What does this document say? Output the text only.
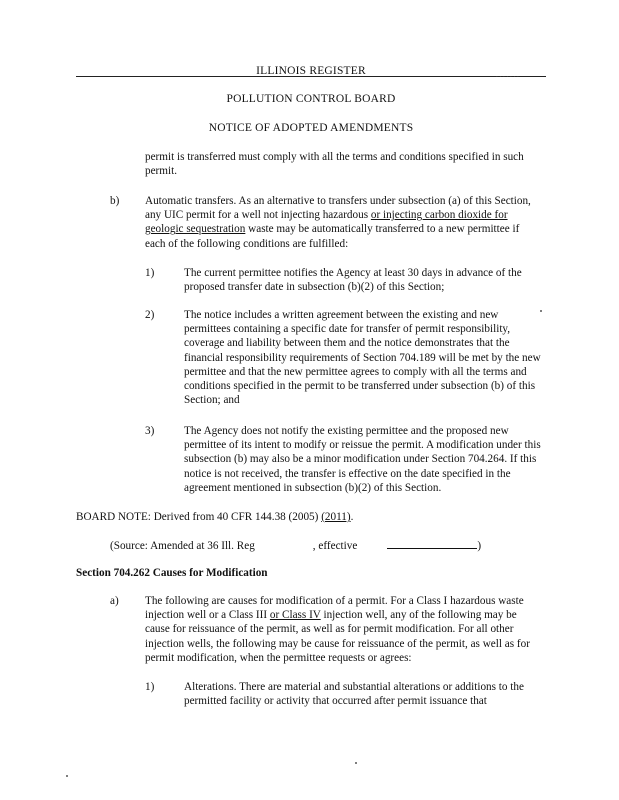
ILLINOIS REGISTER	. . . . . . .
POLLUTION CONTROL BOARD
NOTICE OF ADOPTED AMENDMENTS

permit is transferred must comply with all the terms and conditions specified in such permit.

b) Automatic transfers. As an alternative to transfers under subsection (a) of this Section, any UIC permit for a well not injecting hazardous or injecting carbon dioxide for geologic sequestration waste may be automatically transferred to a new permittee if each of the following conditions are fulfilled:

1)	The current permittee notifies the Agency at least 30 days in advance of the proposed transfer date in subsection (b)(2) of this Section;

2)	The notice includes a written agreement between the existing and new permittees containing a specific date for transfer of permit responsibility, coverage and liability between them and the notice demonstrates that the financial responsibility requirements of Section 704.189 will be met by the new permittee and that the new permittee agrees to comply with all the terms and conditions specified in the permit to be transferred under subsection (b) of this Section; and

3)	The Agency does not notify the existing permittee and the proposed new permittee of its intent to modify or reissue the permit. A modification under this subsection (b) may also be a minor modification under Section 704.264. If this notice is not received, the transfer is effective on the date specified in the agreement mentioned in subsection (b)(2) of this Section.

BOARD NOTE: Derived from 40 CFR 144.38 (2005) (2011).

(Source: Amended at 36 Ill. Reg	, effective	)

Section 704.262 Causes for Modification

a) The following are causes for modification of a permit. For a Class I hazardous waste injection well or a Class III or Class IV injection well, any of the following may be cause for reissuance of the permit, as well as for permit modification. For all other injection wells, the following may be cause for reissuance of the permit, as well as for permit modification, when the permittee requests or agrees:

1)	Alterations. There are material and substantial alterations or additions to the permitted facility or activity that occurred after permit issuance that
